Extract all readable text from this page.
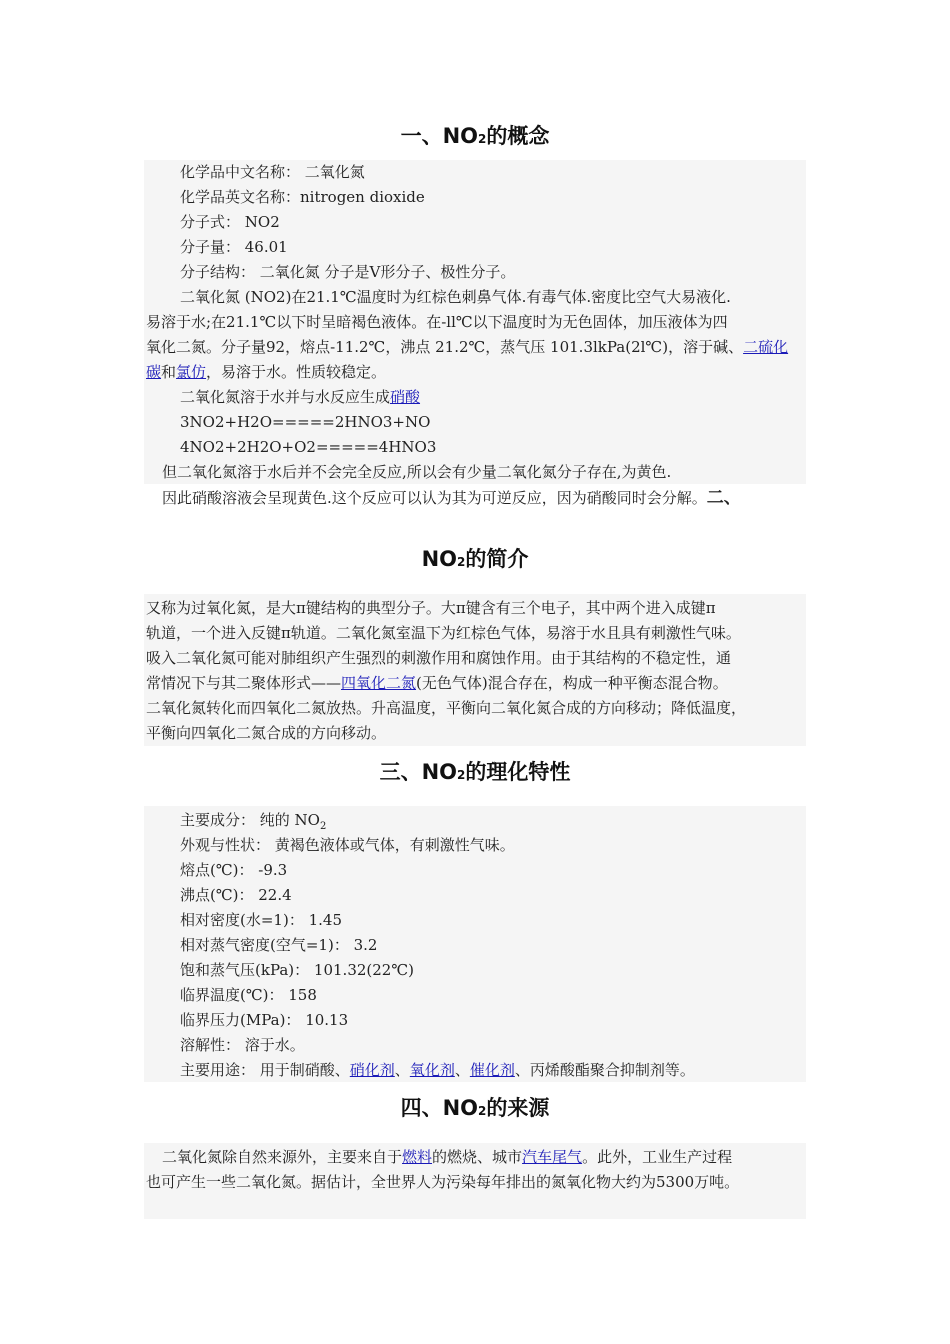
一、NO2的概念
化学品中文名称： 二氧化氮
化学品英文名称：nitrogen dioxide
分子式： NO2
分子量： 46.01
分子结构： 二氧化氮 分子是V形分子、极性分子。
二氧化氮 (NO2)在21.1℃温度时为红棕色刺鼻气体.有毒气体.密度比空气大易液化.
易溶于水;在21.1℃以下时呈暗褐色液体。在-ll℃以下温度时为无色固体，加压液体为四
氧化二氮。分子量92，熔点-11.2℃，沸点 21.2℃，蒸气压 101.3lkPa(2l℃)，溶于碱、二硫化
碳和氯仿，易溶于水。性质较稳定。
二氧化氮溶于水并与水反应生成硝酸
3NO2+H2O=====2HNO3+NO
4NO2+2H2O+O2=====4HNO3
但二氧化氮溶于水后并不会完全反应,所以会有少量二氧化氮分子存在,为黄色.
因此硝酸溶液会呈现黄色.这个反应可以认为其为可逆反应，因为硝酸同时会分解。二、
NO2的简介
又称为过氧化氮，是大π键结构的典型分子。大π键含有三个电子，其中两个进入成键π
轨道，一个进入反键π轨道。二氧化氮室温下为红棕色气体，易溶于水且具有刺激性气味。
吸入二氧化氮可能对肺组织产生强烈的刺激作用和腐蚀作用。由于其结构的不稳定性，通
常情况下与其二聚体形式——四氧化二氮(无色气体)混合存在，构成一种平衡态混合物。
二氧化氮转化而四氧化二氮放热。升高温度，平衡向二氧化氮合成的方向移动；降低温度，
平衡向四氧化二氮合成的方向移动。
三、NO2的理化特性
主要成分： 纯的 $NO_2$
外观与性状： 黄褐色液体或气体，有刺激性气味。
熔点(℃)： -9.3
沸点(℃)： 22.4
相对密度(水=1)： 1.45
相对蒸气密度(空气=1)： 3.2
饱和蒸气压(kPa)： 101.32(22℃)
临界温度(℃)： 158
临界压力(MPa)： 10.13
溶解性： 溶于水。
主要用途： 用于制硝酸、硝化剂、氧化剂、催化剂、丙烯酸酯聚合抑制剂等。
四、NO2的来源
二氧化氮除自然来源外，主要来自于燃料的燃烧、城市汽车尾气。此外，工业生产过程
也可产生一些二氧化氮。据估计，全世界人为污染每年排出的氮氧化物大约为5300万吨。
